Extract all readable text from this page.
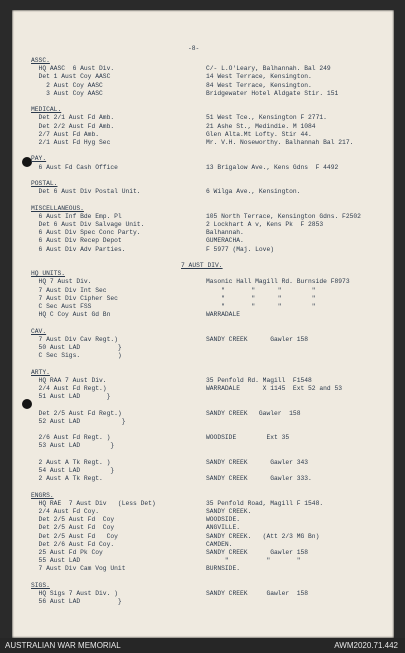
-8-
ASSC.
HQ AASC  6 Aust Div.	C/- L.O'Leary, Balhannah. Bal 249
Det 1 Aust Coy AASC	14 West Terrace, Kensington.
2 Aust Coy AASC	84 West Terrace, Kensington.
3 Aust Coy AASC	Bridgewater Hotel Aldgate Stir. 151
MEDICAL.
Det 2/1 Aust Fd Amb.	51 West Tce., Kensington F 2771.
Det 2/2 Aust Fd Amb.	21 Ashe St., Medindie. M 1084
2/7 Aust Fd Amb.	Glen Alta.Mt Lofty. Stir 44.
2/1 Aust Fd Hyg Sec	Mr. V.H. Noseworthy. Balhannah Bal 217.
PAY.
6 Aust Fd Cash Office	13 Brigalow Ave., Kens Gdns  F 4492
POSTAL.
Det 6 Aust Div Postal Unit.	6 Wilga Ave., Kensington.
MISCELLANEOUS.
6 Aust Inf Bde Emp. Pl	105 North Terrace, Kensington Gdns. F2502
Det 6 Aust Div Salvage Unit.	2 Lockhart A v, Kens Pk  F 2853
6 Aust Div Spec Conc Party.	Balhannah.
6 Aust Div Recep Depot	GUMERACHA.
6 Aust Div Adv Parties.	F 5977 (Maj. Love)
7 AUST DIV.
HQ UNITS.
HQ 7 Aust Div.	Masonic Hall Magill Rd. Burnside F8973
7 Aust Div Int Sec	"       "      "        "
7 Aust Div Cipher Sec	"       "      "        "
C Sec Aust FSS	"       "      "        "
HQ C Coy Aust Gd Bn	WARRADALE
CAV.
7 Aust Div Cav Regt.)	SANDY CREEK      Gawler 158
50 Aust LAD          }
C Sec Sigs.          )
ARTY.
HQ RAA 7 Aust Div.	35 Penfold Rd. Magill  F1548
2/4 Aust Fd Regt.)	WARRADALE      X 1145  Ext 52 and 53
51 Aust LAD       }
Det 2/5 Aust Fd Regt.)	SANDY CREEK   Gawler  158
52 Aust LAD           }
2/6 Aust Fd Regt. )	WOODSIDE        Ext 35
53 Aust LAD        }
2 Aust A Tk Regt. )	SANDY CREEK      Gawler 343
54 Aust LAD        }
2 Aust A Tk Regt.	SANDY CREEK      Gawler 333.
ENGRS.
HQ RAE  7 Aust Div   (Less Det)	35 Penfold Road, Magill F 1548.
2/4 Aust Fd Coy.	SANDY CREEK.
Det 2/5 Aust Fd  Coy	WOODSIDE.
Det 2/5 Aust Fd  Coy	ANGVILLE.
Det 2/5 Aust Fd   Coy	SANDY CREEK.   (Att 2/3 MG Bn)
Det 2/6 Aust Fd Coy.	CAMDEN.
25 Aust Fd Pk Coy	SANDY CREEK      Gawler 158
55 Aust LAD	"          "       "
7 Aust Div Cam Vog Unit	BURNSIDE.
SIGS.
HQ Sigs 7 Aust Div. )	SANDY CREEK     Gawler  158
56 Aust LAD          }
AUSTRALIAN WAR MEMORIAL	AWM2020.71.442
